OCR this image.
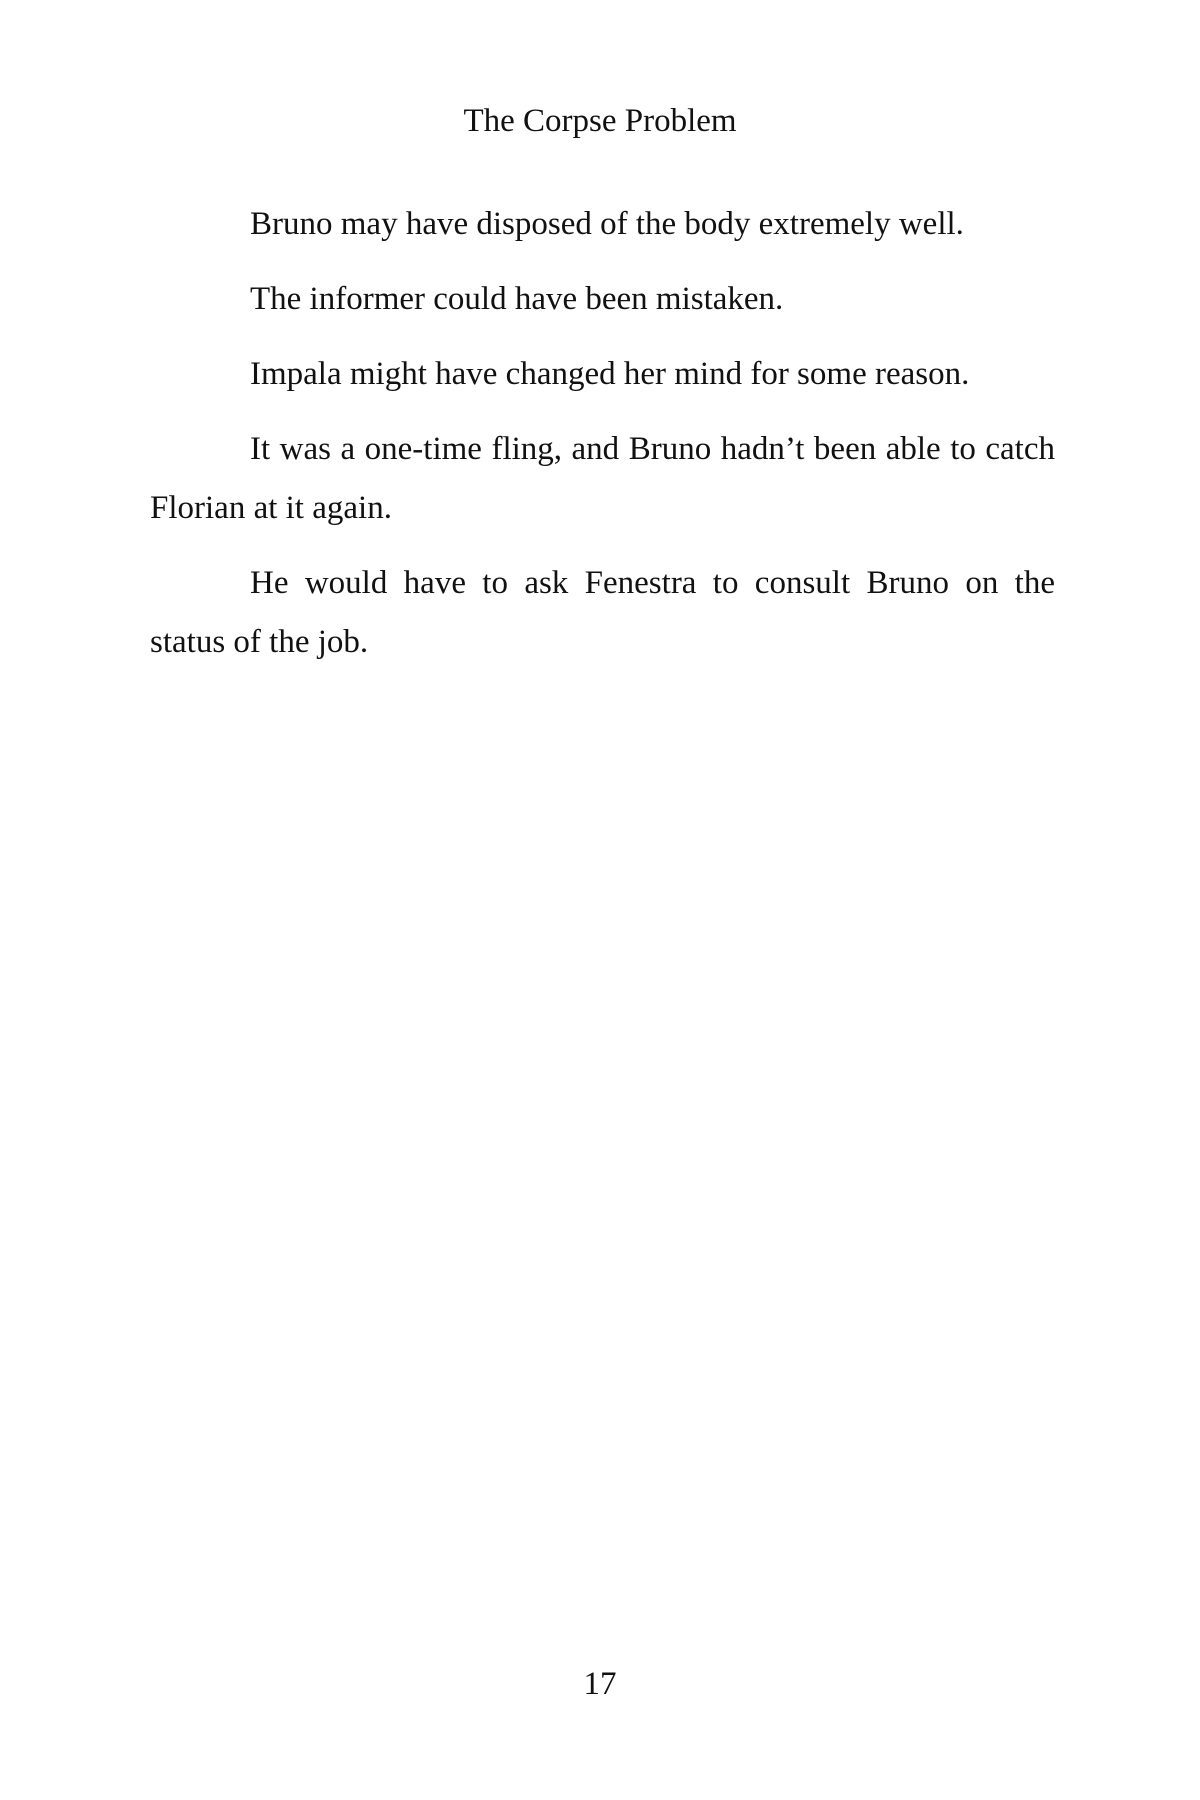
The Corpse Problem

Bruno may have disposed of the body extremely well.

The informer could have been mistaken.

Impala might have changed her mind for some reason.

It was a one-time fling, and Bruno hadn’t been able to catch Florian at it again.

He would have to ask Fenestra to consult Bruno on the status of the job.

17
